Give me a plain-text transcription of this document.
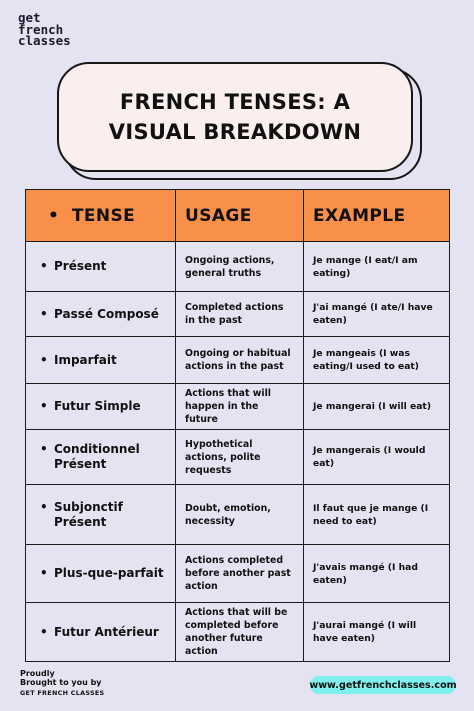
get
french
classes
FRENCH TENSES: A VISUAL BREAKDOWN
•  TENSE	USAGE	EXAMPLE

• Présent	Ongoing actions, general truths	Je mange (I eat/I am eating)

• Passé Composé	Completed actions in the past	J'ai mangé (I ate/I have eaten)

• Imparfait	Ongoing or habitual actions in the past	Je mangeais (I was eating/I used to eat)

• Futur Simple	Actions that will happen in the future	Je mangerai (I will eat)

• Conditionnel Présent	Hypothetical actions, polite requests	Je mangerais (I would eat)

• Subjonctif Présent	Doubt, emotion, necessity	Il faut que je mange (I need to eat)

• Plus-que-parfait	Actions completed before another past action	J'avais mangé (I had eaten)

• Futur Antérieur	Actions that will be completed before another future action	J'aurai mangé (I will have eaten)
Proudly
Brought to you by
GET FRENCH CLASSES
www.getfrenchclasses.com
